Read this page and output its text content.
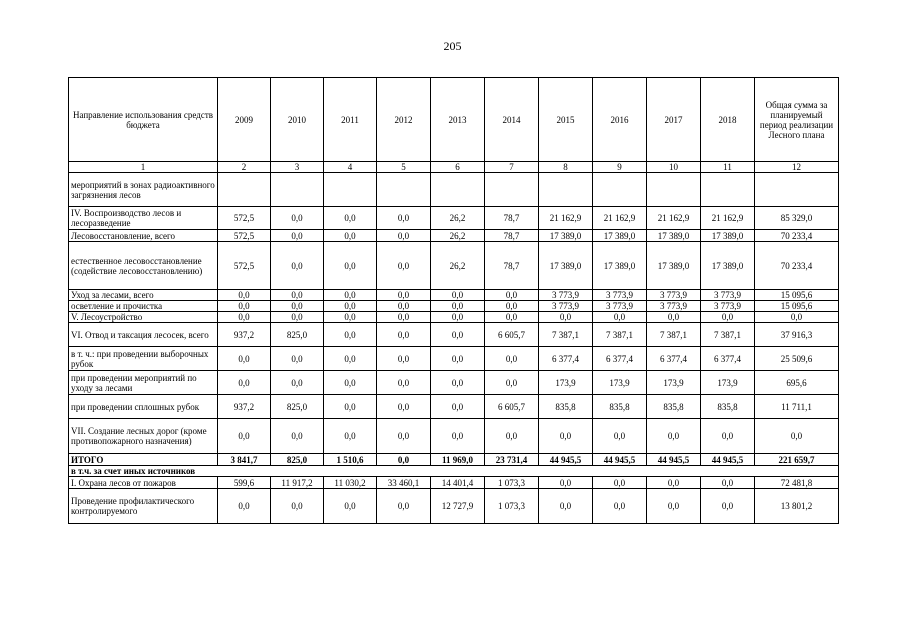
205
Направление использования средств бюджета	2009	2010	2011	2012	2013	2014	2015	2016	2017	2018	Общая сумма за планируемый период реализации Лесного плана
1	2	3	4	5	6	7	8	9	10	11	12
мероприятий в зонах радиоактивного загрязнения лесов											
IV. Воспроизводство лесов и лесоразведение	572,5	0,0	0,0	0,0	26,2	78,7	21 162,9	21 162,9	21 162,9	21 162,9	85 329,0
Лесовосстановление, всего	572,5	0,0	0,0	0,0	26,2	78,7	17 389,0	17 389,0	17 389,0	17 389,0	70 233,4
естественное лесовосстановление (содействие лесовосстановлению)	572,5	0,0	0,0	0,0	26,2	78,7	17 389,0	17 389,0	17 389,0	17 389,0	70 233,4
Уход за лесами, всего	0,0	0,0	0,0	0,0	0,0	0,0	3 773,9	3 773,9	3 773,9	3 773,9	15 095,6
осветление и прочистка	0,0	0,0	0,0	0,0	0,0	0,0	3 773,9	3 773,9	3 773,9	3 773,9	15 095,6
V. Лесоустройство	0,0	0,0	0,0	0,0	0,0	0,0	0,0	0,0	0,0	0,0	0,0
VI. Отвод и таксация лесосек, всего	937,2	825,0	0,0	0,0	0,0	6 605,7	7 387,1	7 387,1	7 387,1	7 387,1	37 916,3
в т. ч.: при проведении выборочных рубок	0,0	0,0	0,0	0,0	0,0	0,0	6 377,4	6 377,4	6 377,4	6 377,4	25 509,6
при проведении мероприятий по уходу за лесами	0,0	0,0	0,0	0,0	0,0	0,0	173,9	173,9	173,9	173,9	695,6
при проведении сплошных рубок	937,2	825,0	0,0	0,0	0,0	6 605,7	835,8	835,8	835,8	835,8	11 711,1
VII. Создание лесных дорог (кроме противопожарного назначения)	0,0	0,0	0,0	0,0	0,0	0,0	0,0	0,0	0,0	0,0	0,0
ИТОГО	3 841,7	825,0	1 510,6	0,0	11 969,0	23 731,4	44 945,5	44 945,5	44 945,5	44 945,5	221 659,7
в т.ч. за счет иных источников											
I. Охрана лесов от пожаров	599,6	11 917,2	11 030,2	33 460,1	14 401,4	1 073,3	0,0	0,0	0,0	0,0	72 481,8
Проведение профилактического контролируемого	0,0	0,0	0,0	0,0	12 727,9	1 073,3	0,0	0,0	0,0	0,0	13 801,2
